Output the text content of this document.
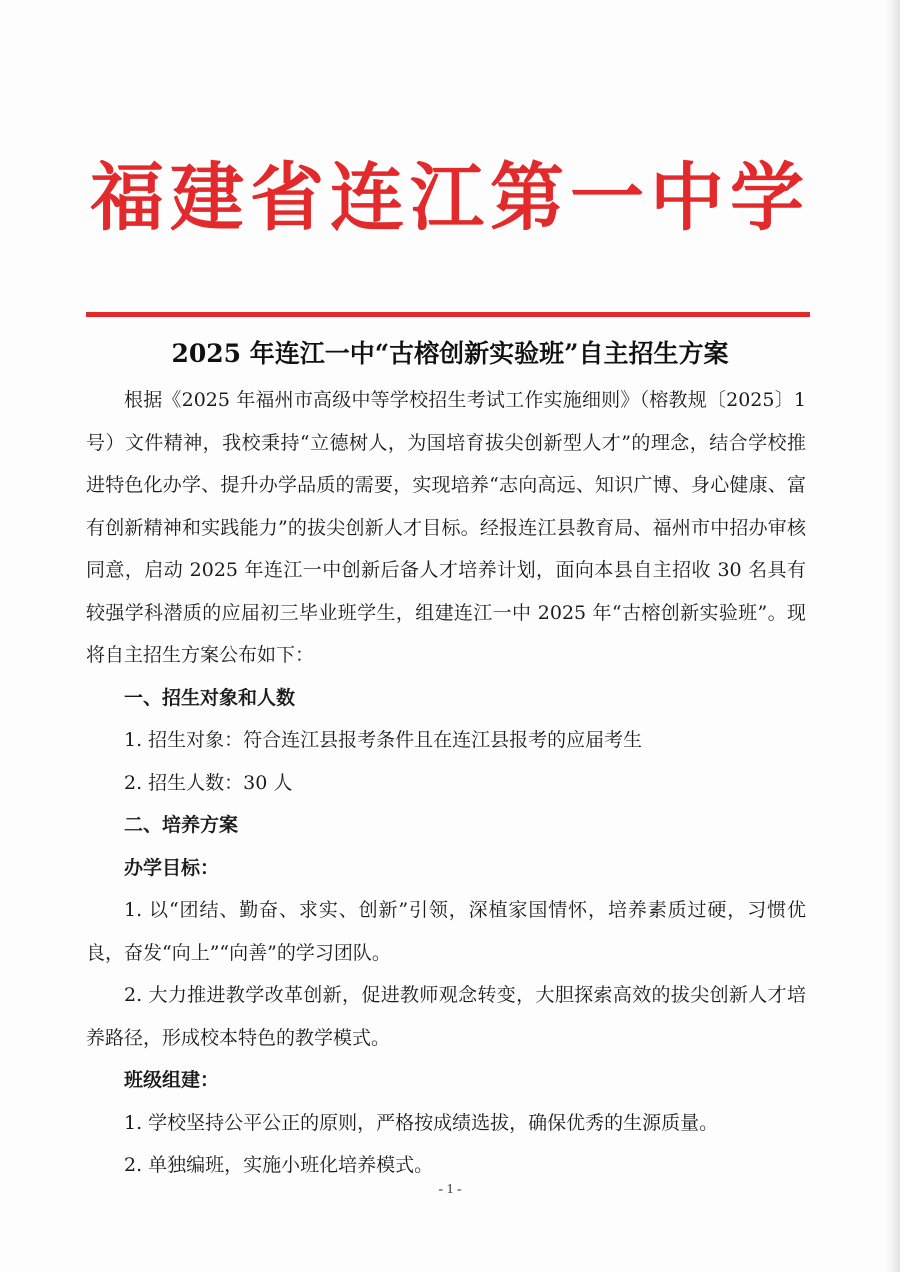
福建省连江第一中学
2025 年连江一中“古榕创新实验班”自主招生方案

根据《2025 年福州市高级中等学校招生考试工作实施细则》（榕教规〔2025〕1 号）文件精神，我校秉持“立德树人，为国培育拔尖创新型人才”的理念，结合学校推进特色化办学、提升办学品质的需要，实现培养“志向高远、知识广博、身心健康、富有创新精神和实践能力”的拔尖创新人才目标。经报连江县教育局、福州市中招办审核同意，启动 2025 年连江一中创新后备人才培养计划，面向本县自主招收 30 名具有较强学科潜质的应届初三毕业班学生，组建连江一中 2025 年“古榕创新实验班”。现将自主招生方案公布如下：

一、招生对象和人数

1. 招生对象：符合连江县报考条件且在连江县报考的应届考生

2. 招生人数：30 人

二、培养方案

办学目标：

1. 以“团结、勤奋、求实、创新”引领，深植家国情怀，培养素质过硬，习惯优良，奋发“向上”“向善”的学习团队。

2. 大力推进教学改革创新，促进教师观念转变，大胆探索高效的拔尖创新人才培养路径，形成校本特色的教学模式。

班级组建：

1. 学校坚持公平公正的原则，严格按成绩选拔，确保优秀的生源质量。

2. 单独编班，实施小班化培养模式。

- 1 -
